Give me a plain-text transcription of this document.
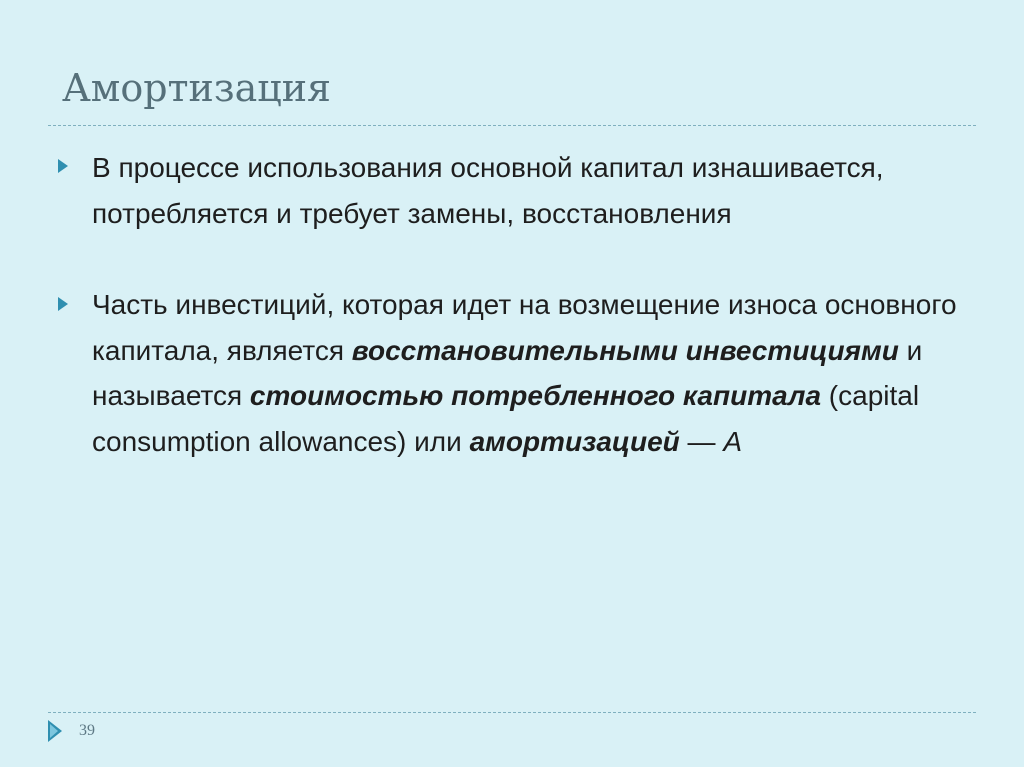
Амортизация
В процессе использования основной капитал изнашивается, потребляется и требует замены, восстановления
Часть инвестиций, которая идет на возмещение износа основного капитала, является восстановительными инвестициями и называется стоимостью потребленного капитала (capital consumption allowances) или амортизацией — A
39
